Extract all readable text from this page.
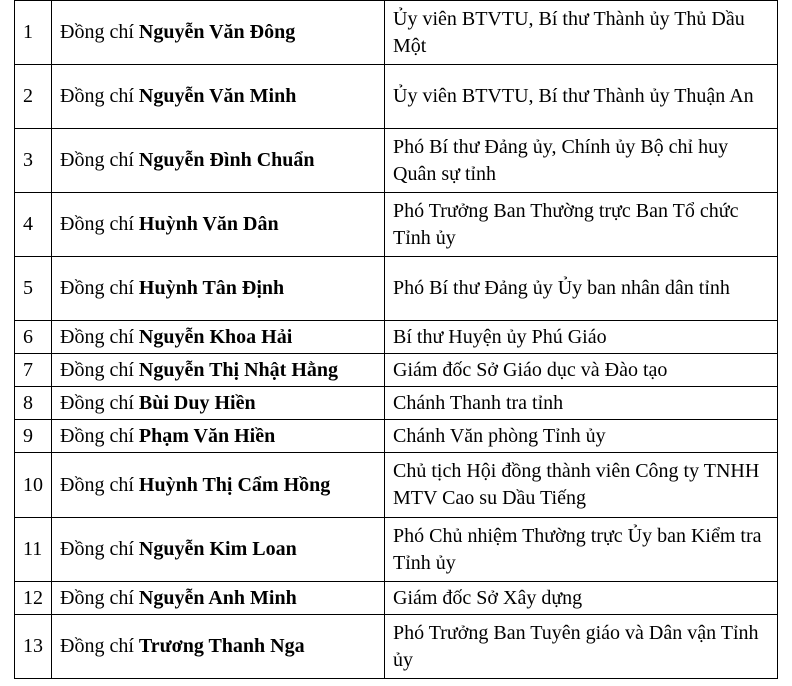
1	Đồng chí Nguyễn Văn Đông	Ủy viên BTVTU, Bí thư Thành ủy Thủ Dầu Một
2	Đồng chí Nguyễn Văn Minh	Ủy viên BTVTU, Bí thư Thành ủy Thuận An
3	Đồng chí Nguyễn Đình Chuẩn	Phó Bí thư Đảng ủy, Chính ủy Bộ chỉ huy Quân sự tỉnh
4	Đồng chí Huỳnh Văn Dân	Phó Trưởng Ban Thường trực Ban Tổ chức Tỉnh ủy
5	Đồng chí Huỳnh Tân Định	Phó Bí thư Đảng ủy Ủy ban nhân dân tỉnh
6	Đồng chí Nguyễn Khoa Hải	Bí thư Huyện ủy Phú Giáo
7	Đồng chí Nguyễn Thị Nhật Hằng	Giám đốc Sở Giáo dục và Đào tạo
8	Đồng chí Bùi Duy Hiền	Chánh Thanh tra tỉnh
9	Đồng chí Phạm Văn Hiền	Chánh Văn phòng Tỉnh ủy
10	Đồng chí Huỳnh Thị Cẩm Hồng	Chủ tịch Hội đồng thành viên Công ty TNHH MTV Cao su Dầu Tiếng
11	Đồng chí Nguyễn Kim Loan	Phó Chủ nhiệm Thường trực Ủy ban Kiểm tra Tỉnh ủy
12	Đồng chí Nguyễn Anh Minh	Giám đốc Sở Xây dựng
13	Đồng chí Trương Thanh Nga	Phó Trưởng Ban Tuyên giáo và Dân vận Tỉnh ủy
